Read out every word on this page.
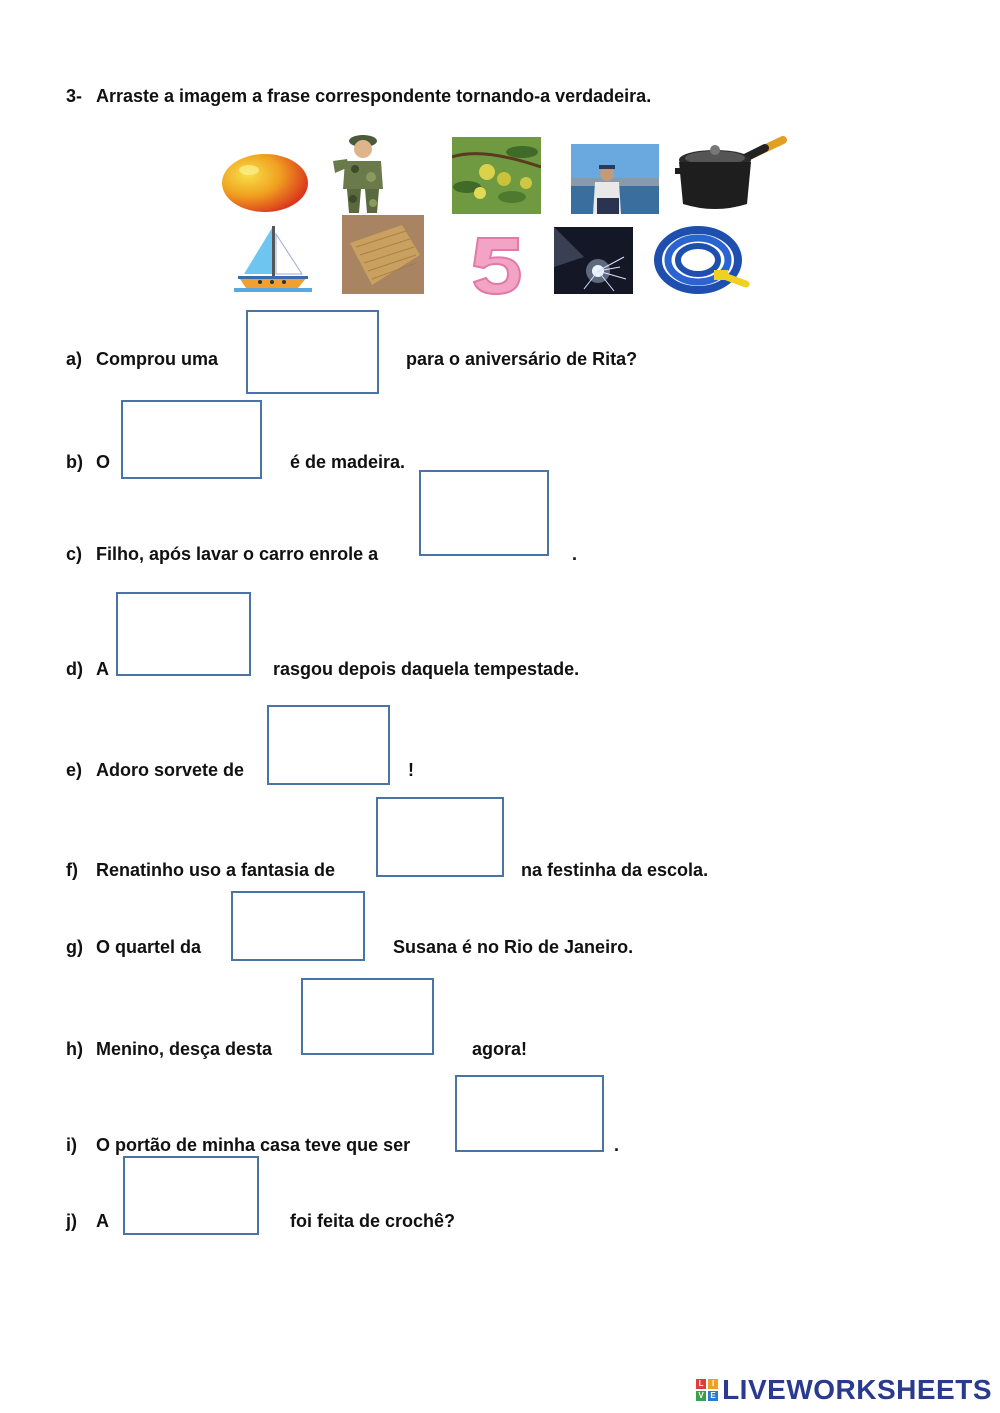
3- Arraste a imagem a frase correspondente tornando-a verdadeira.
a) Comprou uma	para o aniversário de Rita?
b) O	é de madeira.
c) Filho, após lavar o carro enrole a	.
d) A	rasgou depois daquela tempestade.
e) Adoro sorvete de	!
f) Renatinho uso a fantasia de	na festinha da escola.
g) O quartel da	Susana é no Rio de Janeiro.
h) Menino, desça desta	agora!
i) O portão de minha casa teve que ser	.
j) A	foi feita de crochê?
L	I
V E LIVEWORKSHEETS
